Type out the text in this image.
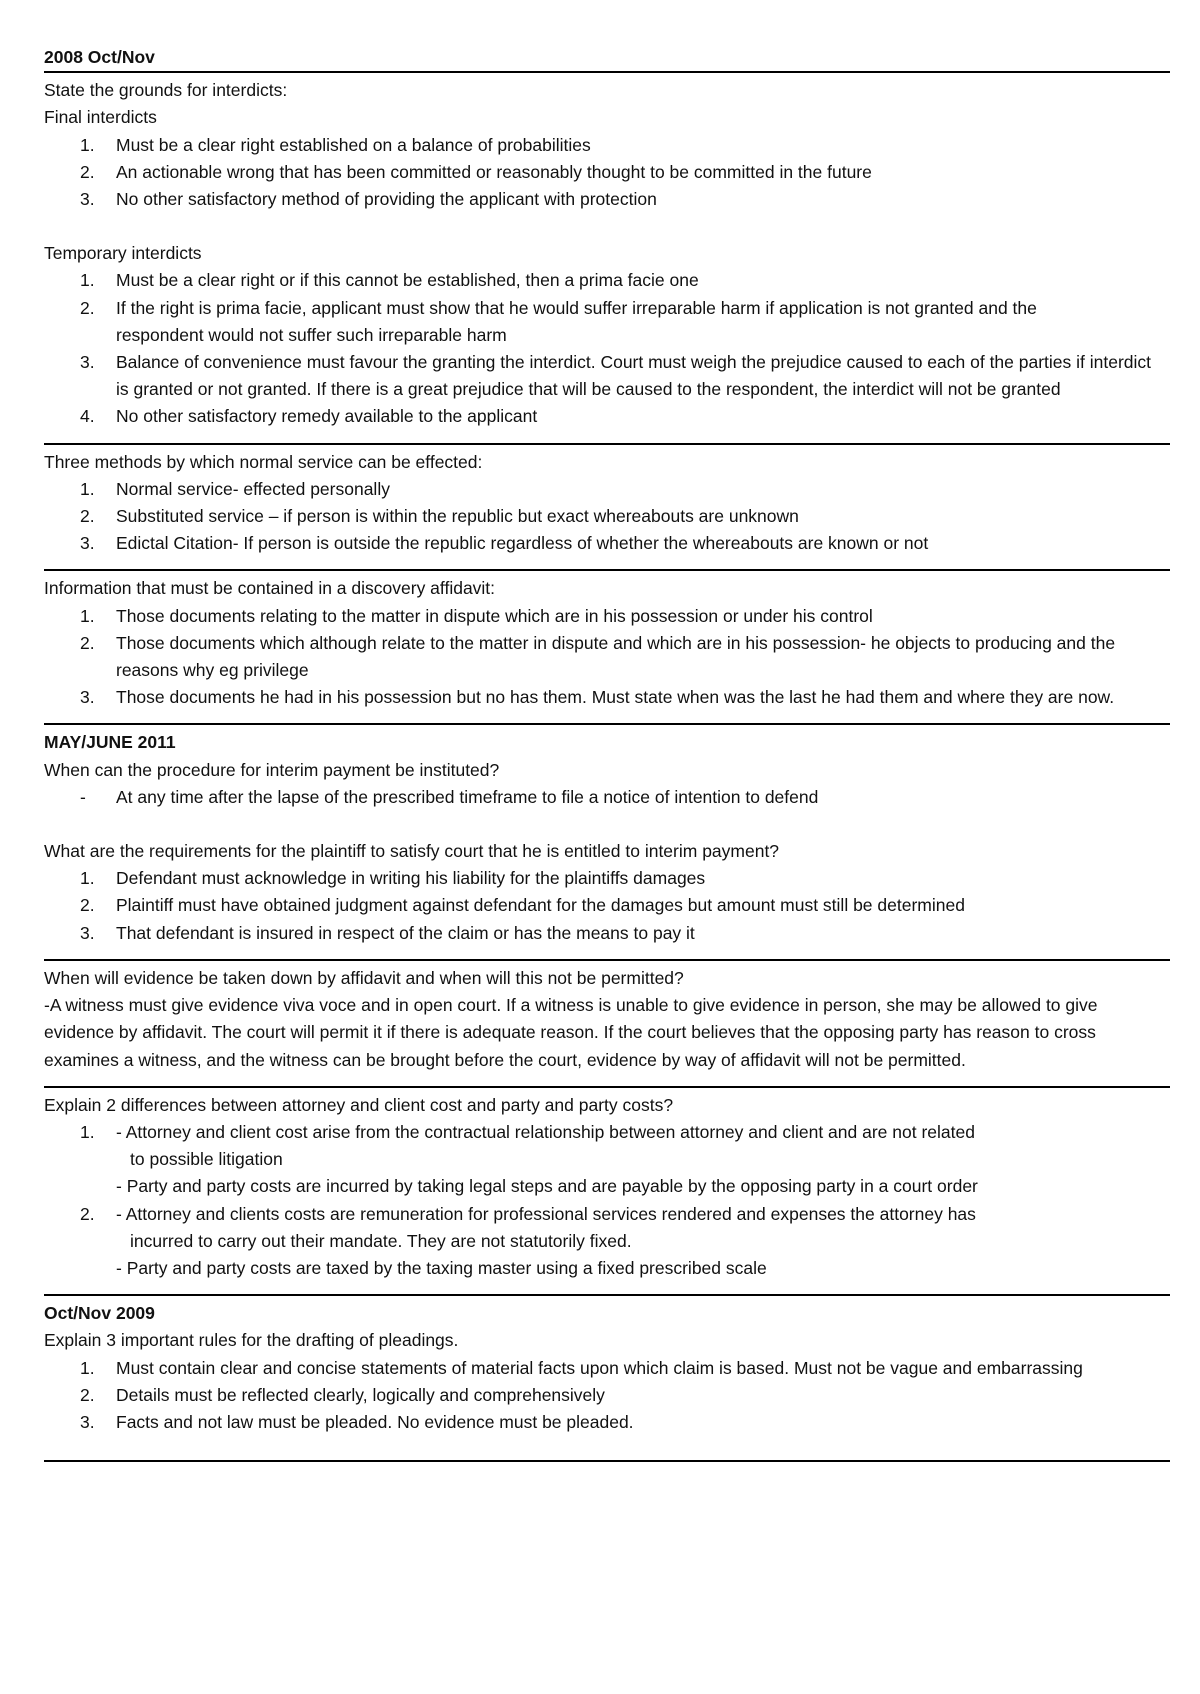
2008 Oct/Nov
State the grounds for interdicts:
Final interdicts
1.	Must be a clear right established on a balance of probabilities
2.	An actionable wrong that has been committed or reasonably thought to be committed in the future
3.	No other satisfactory method of providing the applicant with protection
Temporary interdicts
1.	Must be a clear right or if this cannot be established, then a prima facie one
2.	If the right is prima facie, applicant must show that he would suffer irreparable harm if application is not granted and the respondent would not suffer such irreparable harm
3.	Balance of convenience must favour the granting the interdict. Court must weigh the prejudice caused to each of the parties if interdict is granted or not granted. If there is a great prejudice that will be caused to the respondent, the interdict will not be granted
4.	No other satisfactory remedy available to the applicant
Three methods by which normal service can be effected:
1.	Normal service- effected personally
2.	Substituted service – if person is within the republic but exact whereabouts are unknown
3.	Edictal Citation- If person is outside the republic regardless of whether the whereabouts are known or not
Information that must be contained in a discovery affidavit:
1.	Those documents relating to the matter in dispute which are in his possession or under his control
2.	Those documents which although relate to the matter in dispute and which are in his possession- he objects to producing and the reasons why eg privilege
3.	Those documents he had in his possession but no has them. Must state when was the last he had them and where they are now.
MAY/JUNE 2011
When can the procedure for interim payment be instituted?
-	At any time after the lapse of the prescribed timeframe to file a notice of intention to defend
What are the requirements for the plaintiff to satisfy court that he is entitled to interim payment?
1.	Defendant must acknowledge in writing his liability for the plaintiffs damages
2.	Plaintiff must have obtained judgment against defendant for the damages but amount must still be determined
3.	That defendant is insured in respect of the claim or has the means to pay it
When will evidence be taken down by affidavit and when will this not be permitted?
-A witness must give evidence viva voce and in open court. If a witness is unable to give evidence in person, she may be allowed to give evidence by affidavit. The court will permit it if there is adequate reason. If the court believes that the opposing party has reason to cross examines a witness, and the witness can be brought before the court, evidence by way of affidavit will not be permitted.
Explain 2 differences between attorney and client cost and party and party costs?
1.	- Attorney and client cost arise from the contractual relationship between attorney and client and are not related
to possible litigation
- Party and party costs are incurred by taking legal steps and are payable by the opposing party in a court order
2.	- Attorney and clients costs are remuneration for professional services rendered and expenses the attorney has
incurred to carry out their mandate. They are not statutorily fixed.
- Party and party costs are taxed by the taxing master using a fixed prescribed scale
Oct/Nov 2009
Explain 3 important rules for the drafting of pleadings.
1.	Must contain clear and concise statements of material facts upon which claim is based. Must not be vague and embarrassing
2.	Details must be reflected clearly, logically and comprehensively
3.	Facts and not law must be pleaded. No evidence must be pleaded.
